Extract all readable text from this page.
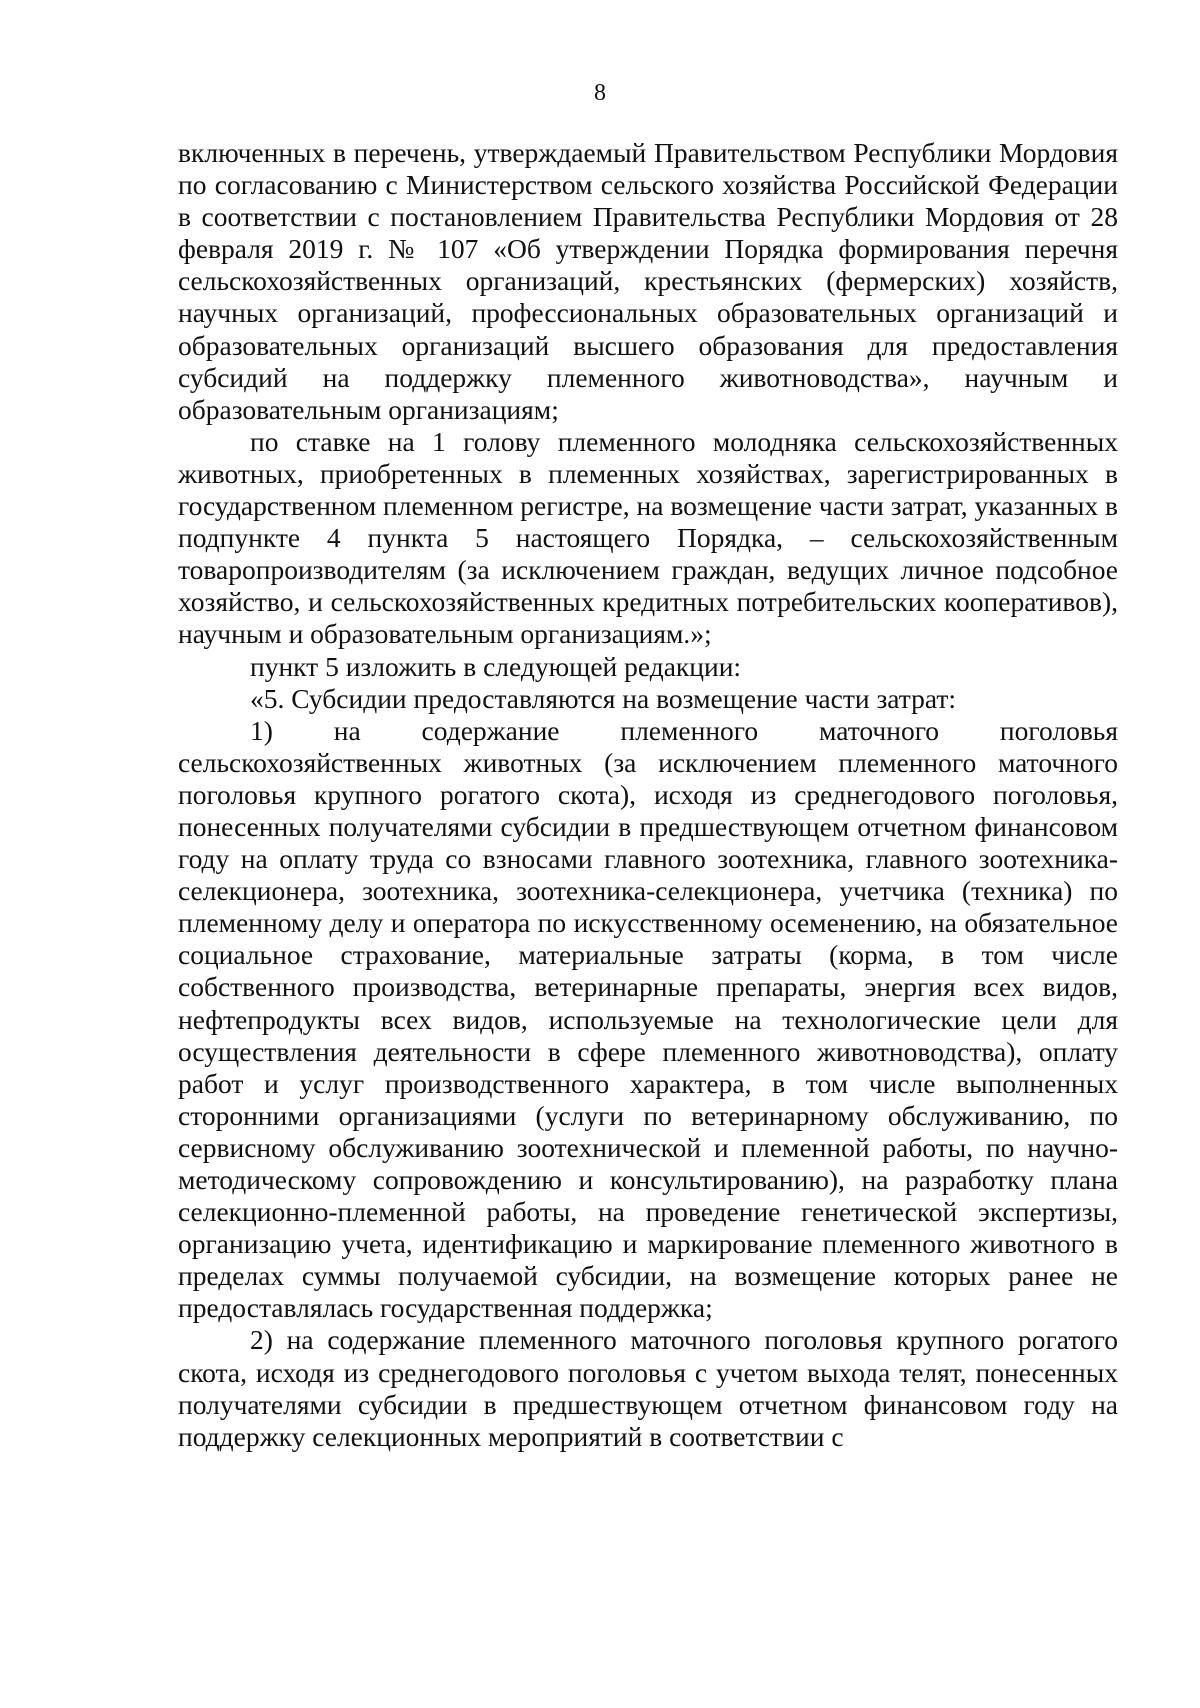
8

включенных в перечень, утверждаемый Правительством Республики Мордовия по согласованию с Министерством сельского хозяйства Российской Федерации в соответствии с постановлением Правительства Республики Мордовия от 28 февраля 2019 г. № 107 «Об утверждении Порядка формирования перечня сельскохозяйственных организаций, крестьянских (фермерских) хозяйств, научных организаций, профессиональных образовательных организаций и образовательных организаций высшего образования для предоставления субсидий на поддержку племенного животноводства», научным и образовательным организациям;

по ставке на 1 голову племенного молодняка сельскохозяйственных животных, приобретенных в племенных хозяйствах, зарегистрированных в государственном племенном регистре, на возмещение части затрат, указанных в подпункте 4 пункта 5 настоящего Порядка, – сельскохозяйственным товаропроизводителям (за исключением граждан, ведущих личное подсобное хозяйство, и сельскохозяйственных кредитных потребительских кооперативов), научным и образовательным организациям.»;

пункт 5 изложить в следующей редакции:

«5. Субсидии предоставляются на возмещение части затрат:

1) на содержание племенного маточного поголовья сельскохозяйственных животных (за исключением племенного маточного поголовья крупного рогатого скота), исходя из среднегодового поголовья, понесенных получателями субсидии в предшествующем отчетном финансовом году на оплату труда со взносами главного зоотехника, главного зоотехника-селекционера, зоотехника, зоотехника-селекционера, учетчика (техника) по племенному делу и оператора по искусственному осеменению, на обязательное социальное страхование, материальные затраты (корма, в том числе собственного производства, ветеринарные препараты, энергия всех видов, нефтепродукты всех видов, используемые на технологические цели для осуществления деятельности в сфере племенного животноводства), оплату работ и услуг производственного характера, в том числе выполненных сторонними организациями (услуги по ветеринарному обслуживанию, по сервисному обслуживанию зоотехнической и племенной работы, по научно-методическому сопровождению и консультированию), на разработку плана селекционно-племенной работы, на проведение генетической экспертизы, организацию учета, идентификацию и маркирование племенного животного в пределах суммы получаемой субсидии, на возмещение которых ранее не предоставлялась государственная поддержка;

2) на содержание племенного маточного поголовья крупного рогатого скота, исходя из среднегодового поголовья с учетом выхода телят, понесенных получателями субсидии в предшествующем отчетном финансовом году на поддержку селекционных мероприятий в соответствии с
